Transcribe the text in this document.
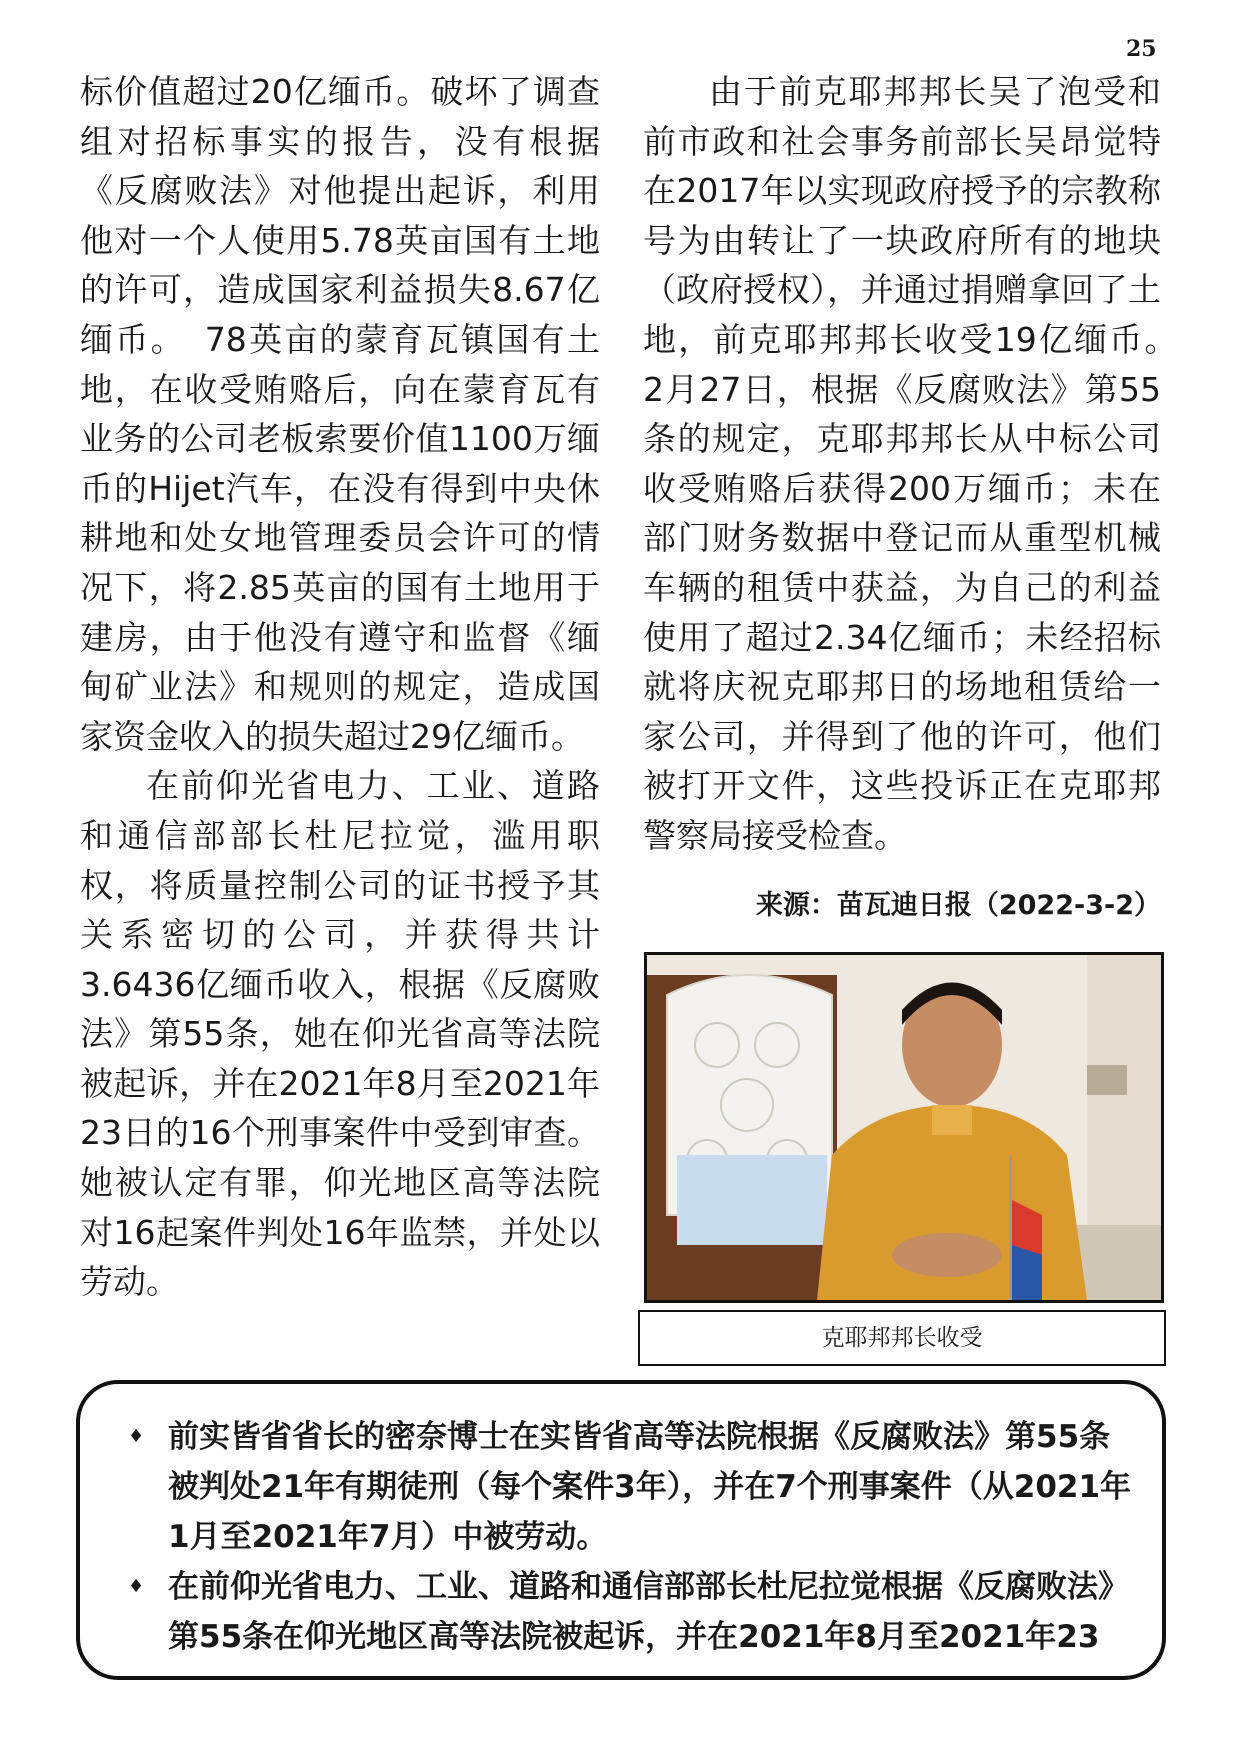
25

标价值超过20亿缅币。破坏了调查组对招标事实的报告，没有根据《反腐败法》对他提出起诉，利用他对一个人使用5.78英亩国有土地的许可，造成国家利益损失8.67亿缅币。　78英亩的蒙育瓦镇国有土地，在收受贿赂后，向在蒙育瓦有业务的公司老板索要价值1100万缅币的Hijet汽车，在没有得到中央休耕地和处女地管理委员会许可的情况下，将2.85英亩的国有土地用于建房，由于他没有遵守和监督《缅甸矿业法》和规则的规定，造成国家资金收入的损失超过29亿缅币。

在前仰光省电力、工业、道路和通信部部长杜尼拉觉，滥用职权，将质量控制公司的证书授予其关系密切的公司，并获得共计3.6436亿缅币收入，根据《反腐败法》第55条，她在仰光省高等法院被起诉，并在2021年8月至2021年23日的16个刑事案件中受到审查。她被认定有罪，仰光地区高等法院对16起案件判处16年监禁，并处以劳动。

由于前克耶邦邦长吴了泡受和前市政和社会事务前部长吴昂觉特在2017年以实现政府授予的宗教称号为由转让了一块政府所有的地块（政府授权），并通过捐赠拿回了土地，前克耶邦邦长收受19亿缅币。　2月27日，根据《反腐败法》第55条的规定，克耶邦邦长从中标公司收受贿赂后获得200万缅币；未在部门财务数据中登记而从重型机械车辆的租赁中获益，为自己的利益使用了超过2.34亿缅币；未经招标就将庆祝克耶邦日的场地租赁给一家公司，并得到了他的许可，他们被打开文件，这些投诉正在克耶邦警察局接受检查。

来源：苗瓦迪日报（2022-3-2）
克耶邦邦长收受
♦ 前实皆省省长的密奈博士在实皆省高等法院根据《反腐败法》第55条被判处21年有期徒刑（每个案件3年），并在7个刑事案件（从2021年1月至2021年7月）中被劳动。
♦ 在前仰光省电力、工业、道路和通信部部长杜尼拉觉根据《反腐败法》第55条在仰光地区高等法院被起诉，并在2021年8月至2021年23
